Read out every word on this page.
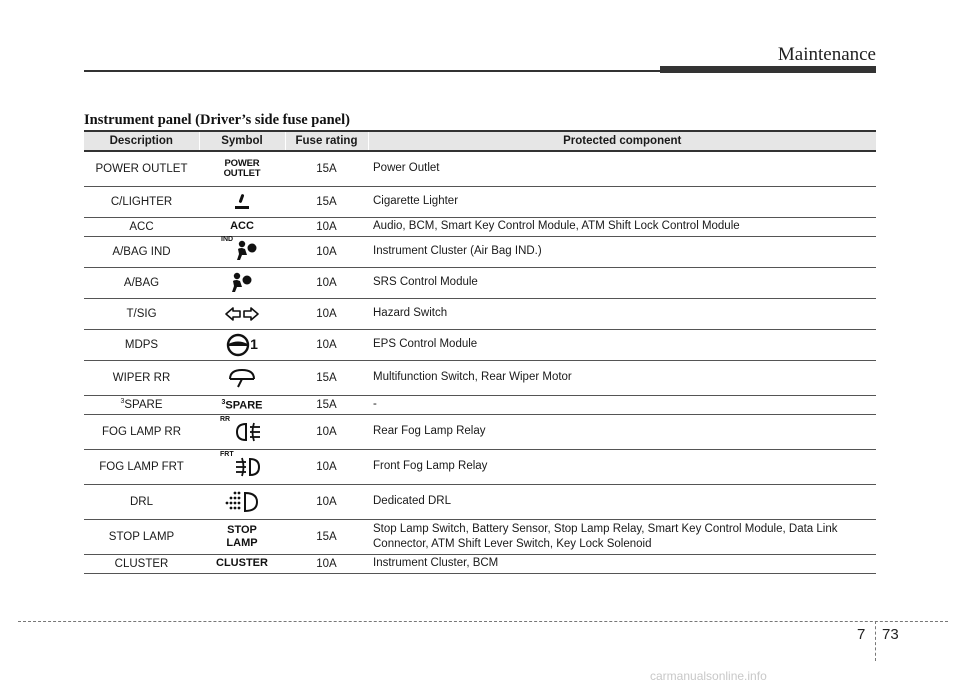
Maintenance
Instrument panel (Driver’s side fuse panel)
Description	Symbol	Fuse rating	Protected component
POWER OUTLET	POWER OUTLET	15A	Power Outlet
C/LIGHTER		15A	Cigarette Lighter
ACC	ACC	10A	Audio, BCM, Smart Key Control Module, ATM Shift Lock Control Module
A/BAG IND	IND	10A	Instrument Cluster (Air Bag IND.)
A/BAG		10A	SRS Control Module
T/SIG		10A	Hazard Switch
MDPS	1	10A	EPS Control Module
WIPER RR		15A	Multifunction Switch, Rear Wiper Motor
$^3$SPARE	$^3$SPARE	15A	-
FOG LAMP RR	RR	10A	Rear Fog Lamp Relay
FOG LAMP FRT	FRT	10A	Front Fog Lamp Relay
DRL		10A	Dedicated DRL
STOP LAMP	STOP LAMP	15A	Stop Lamp Switch, Battery Sensor, Stop Lamp Relay, Smart Key Control Module, Data Link Connector, ATM Shift Lever Switch, Key Lock Solenoid
CLUSTER	CLUSTER	10A	Instrument Cluster, BCM
7 73
carmanualsonline.info
